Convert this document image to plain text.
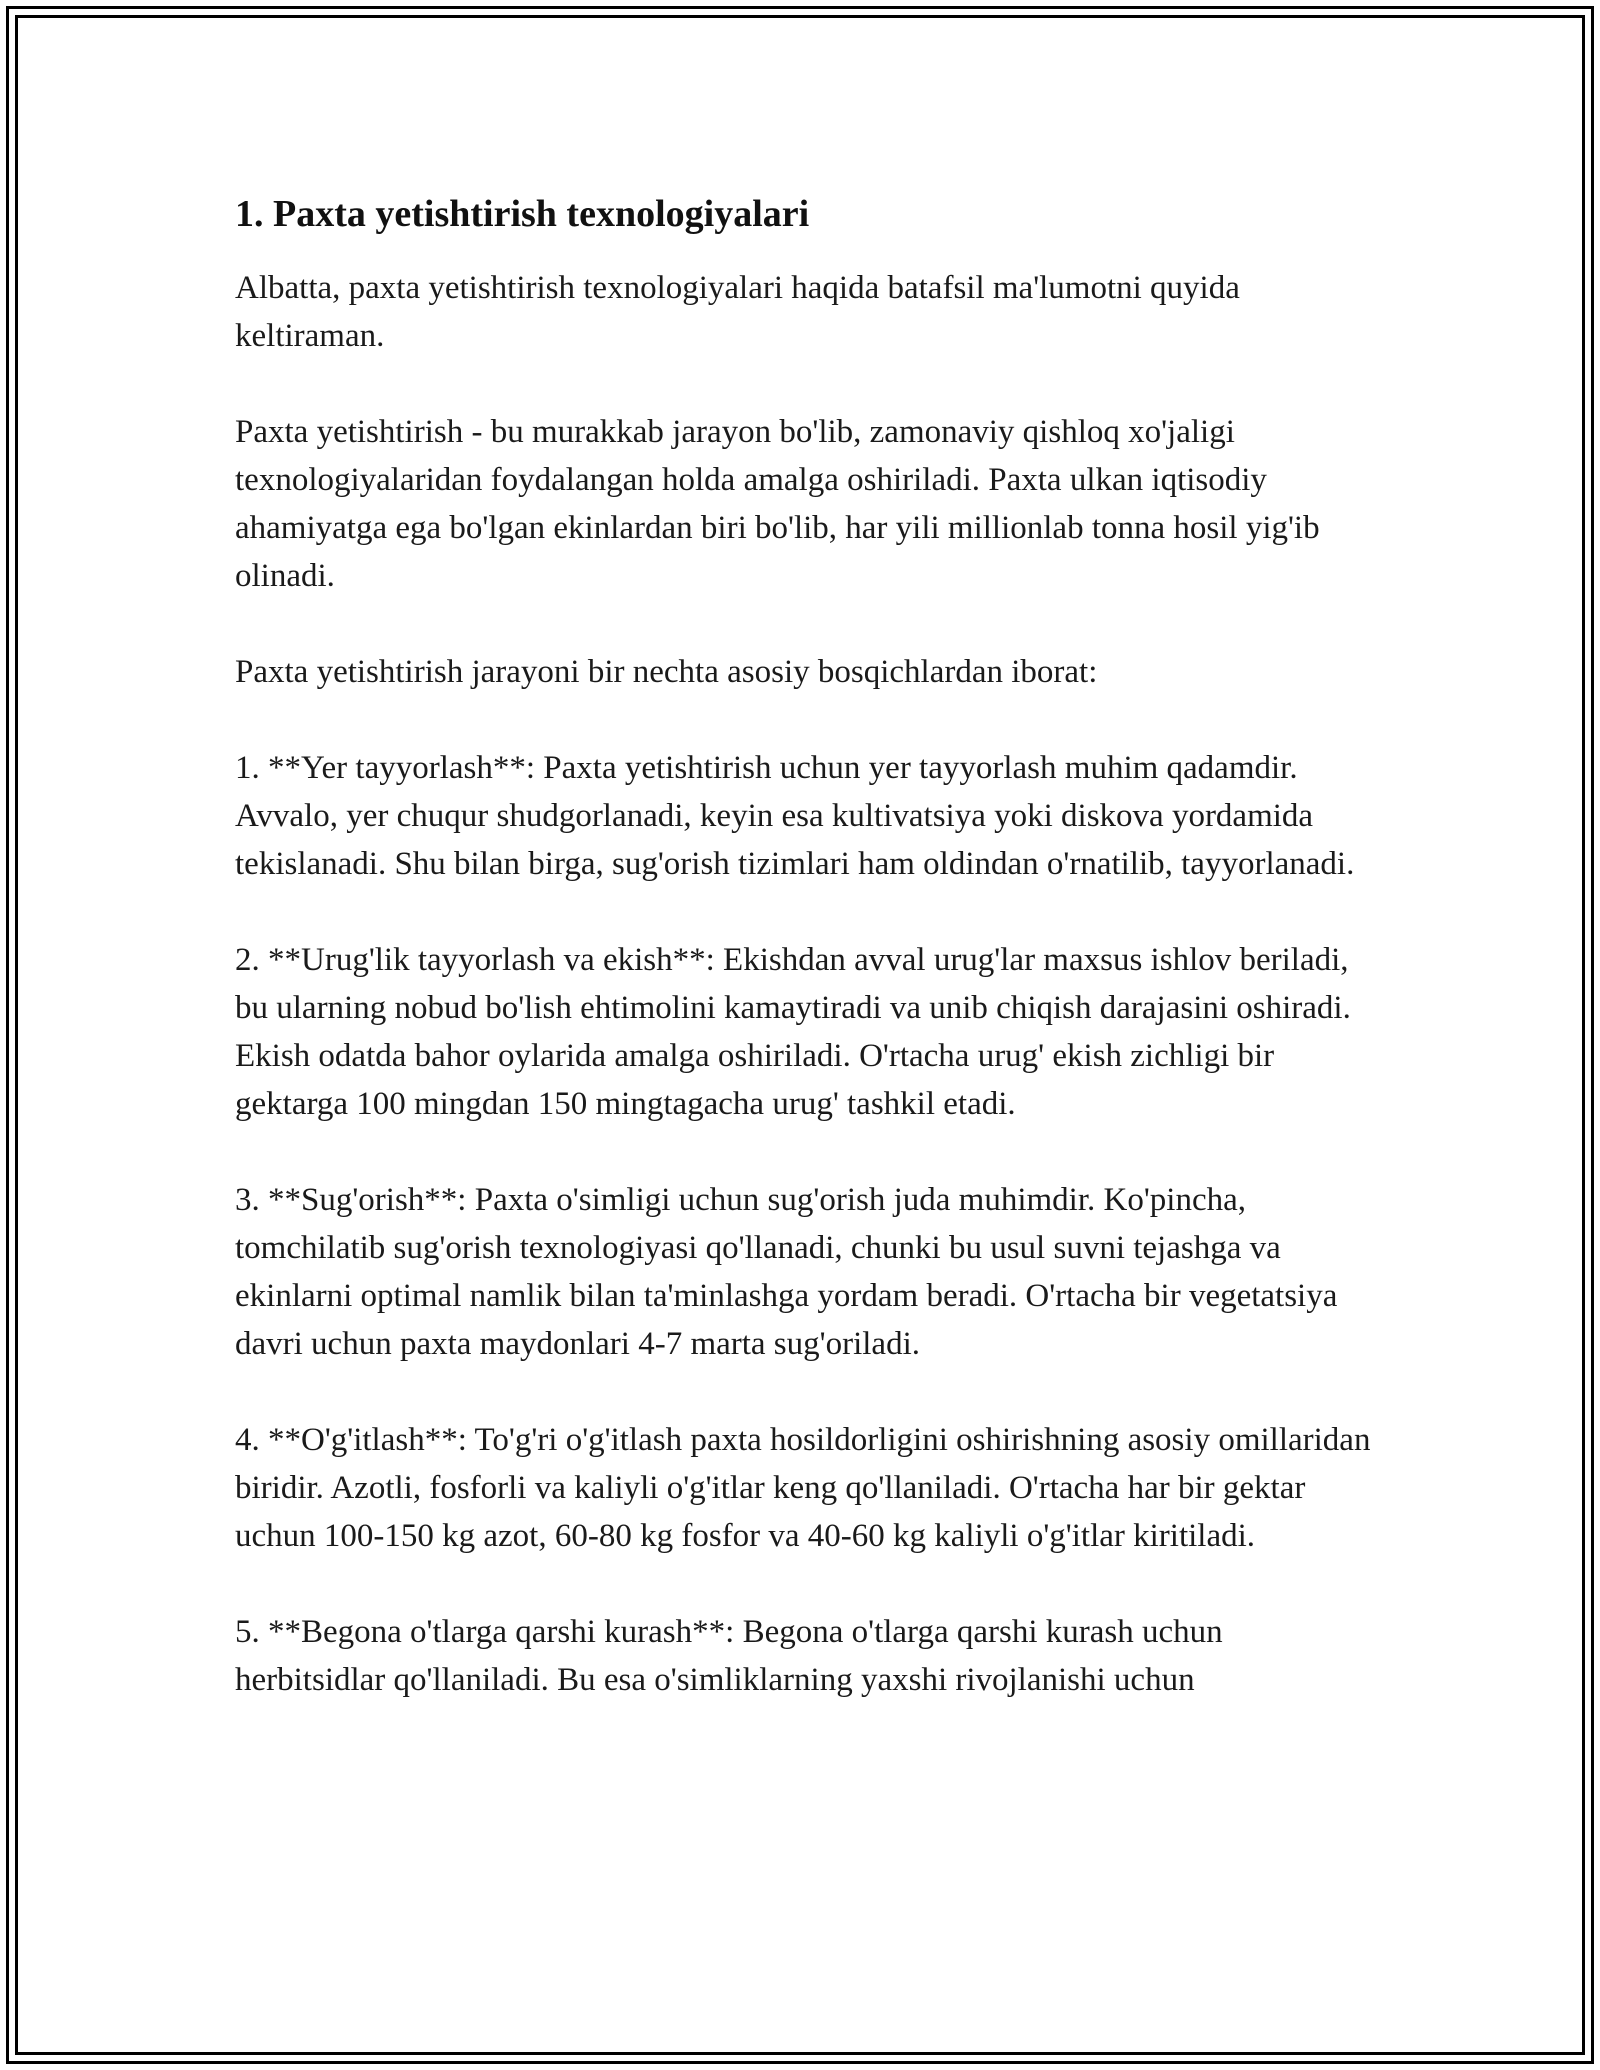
1. Paxta yetishtirish texnologiyalari

Albatta, paxta yetishtirish texnologiyalari haqida batafsil ma'lumotni quyida keltiraman.

Paxta yetishtirish - bu murakkab jarayon bo'lib, zamonaviy qishloq xo'jaligi texnologiyalaridan foydalangan holda amalga oshiriladi. Paxta ulkan iqtisodiy ahamiyatga ega bo'lgan ekinlardan biri bo'lib, har yili millionlab tonna hosil yig'ib olinadi.

Paxta yetishtirish jarayoni bir nechta asosiy bosqichlardan iborat:

1. **Yer tayyorlash**: Paxta yetishtirish uchun yer tayyorlash muhim qadamdir. Avvalo, yer chuqur shudgorlanadi, keyin esa kultivatsiya yoki diskova yordamida tekislanadi. Shu bilan birga, sug'orish tizimlari ham oldindan o'rnatilib, tayyorlanadi.

2. **Urug'lik tayyorlash va ekish**: Ekishdan avval urug'lar maxsus ishlov beriladi, bu ularning nobud bo'lish ehtimolini kamaytiradi va unib chiqish darajasini oshiradi. Ekish odatda bahor oylarida amalga oshiriladi. O'rtacha urug' ekish zichligi bir gektarga 100 mingdan 150 mingtagacha urug' tashkil etadi.

3. **Sug'orish**: Paxta o'simligi uchun sug'orish juda muhimdir. Ko'pincha, tomchilatib sug'orish texnologiyasi qo'llanadi, chunki bu usul suvni tejashga va ekinlarni optimal namlik bilan ta'minlashga yordam beradi. O'rtacha bir vegetatsiya davri uchun paxta maydonlari 4-7 marta sug'oriladi.

4. **O'g'itlash**: To'g'ri o'g'itlash paxta hosildorligini oshirishning asosiy omillaridan biridir. Azotli, fosforli va kaliyli o'g'itlar keng qo'llaniladi. O'rtacha har bir gektar uchun 100-150 kg azot, 60-80 kg fosfor va 40-60 kg kaliyli o'g'itlar kiritiladi.

5. **Begona o'tlarga qarshi kurash**: Begona o'tlarga qarshi kurash uchun herbitsidlar qo'llaniladi. Bu esa o'simliklarning yaxshi rivojlanishi uchun
